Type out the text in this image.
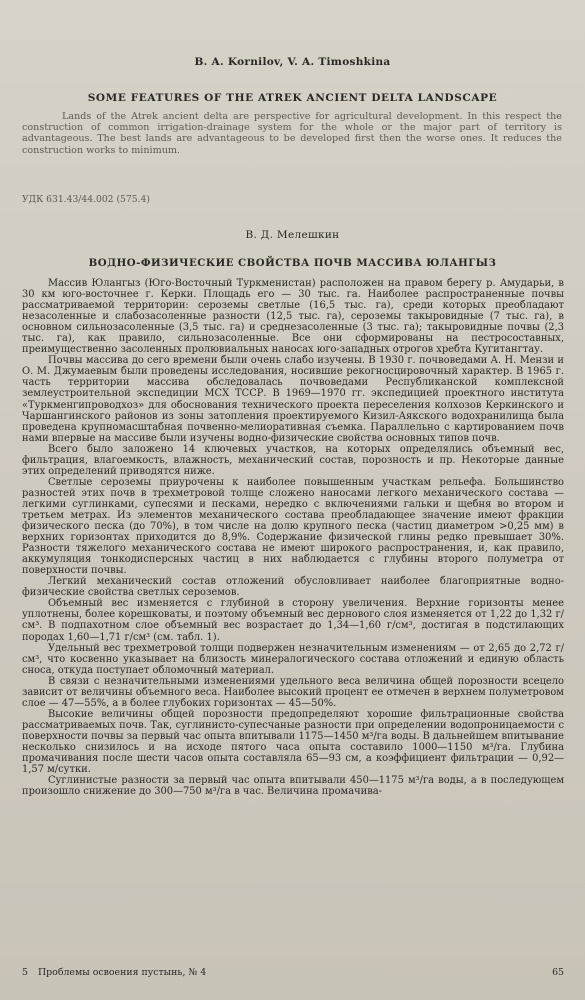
B. A. Kornilov, V. A. Timoshkina
SOME FEATURES OF THE ATREK ANCIENT DELTA LANDSCAPE
Lands of the Atrek ancient delta are perspective for agricultural development. In this respect the construction of common irrigation-drainage system for the whole or the major part of territory is advantageous. The best lands are advantageous to be developed first then the worse ones. It reduces the construction works to minimum.
УДК 631.43/44.002 (575.4)
В. Д. Мелешкин
ВОДНО-ФИЗИЧЕСКИЕ СВОЙСТВА ПОЧВ МАССИВА ЮЛАНГЫЗ

Массив Юлангыз (Юго-Восточный Туркменистан) расположен на правом берегу р. Амударьи, в 30 км юго-восточнее г. Керки. Площадь его — 30 тыс. га. Наиболее распространенные почвы рассматриваемой территории: сероземы светлые (16,5 тыс. га), среди которых преобладают незасоленные и слабозасоленные разности (12,5 тыс. га), сероземы такыровидные (7 тыс. га), в основном сильнозасоленные (3,5 тыс. га) и среднезасоленные (3 тыс. га); такыровидные почвы (2,3 тыс. га), как правило, сильнозасоленные. Все они сформированы на пестросоставных, преимущественно засоленных пролювиальных наносах юго-западных отрогов хребта Кугитангтау.

Почвы массива до сего времени были очень слабо изучены. В 1930 г. почвоведами А. Н. Мензи и О. М. Джумаевым были проведены исследования, носившие рекогносцировочный характер. В 1965 г. часть территории массива обследовалась почвоведами Республиканской комплексной землеустроительной экспедиции МСХ ТССР. В 1969—1970 гг. экспедицией проектного института «Туркменгипроводхоз» для обоснования технического проекта переселения колхозов Керкинского и Чаршангинского районов из зоны затопления проектируемого Кизил-Аякского водохранилища была проведена крупномасштабная почвенно-мелиоративная съемка. Параллельно с картированием почв нами впервые на массиве были изучены водно-физические свойства основных типов почв.

Всего было заложено 14 ключевых участков, на которых определялись объемный вес, фильтрация, влагоемкость, влажность, механический состав, порозность и пр. Некоторые данные этих определений приводятся ниже.

Светлые сероземы приурочены к наиболее повышенным участкам рельефа. Большинство разностей этих почв в трехметровой толще сложено наносами легкого механического состава — легкими суглинками, супесями и песками, нередко с включениями гальки и щебня во втором и третьем метрах. Из элементов механического состава преобладающее значение имеют фракции физического песка (до 70%), в том числе на долю крупного песка (частиц диаметром >0,25 мм) в верхних горизонтах приходится до 8,9%. Содержание физической глины редко превышает 30%. Разности тяжелого механического состава не имеют широкого распространения, и, как правило, аккумуляция тонкодисперсных частиц в них наблюдается с глубины второго полуметра от поверхности почвы.

Легкий механический состав отложений обусловливает наиболее благоприятные водно-физические свойства светлых сероземов.

Объемный вес изменяется с глубиной в сторону увеличения. Верхние горизонты менее уплотнены, более корешковаты, и поэтому объемный вес дернового слоя изменяется от 1,22 до 1,32 г/см³. В подпахотном слое объемный вес возрастает до 1,34—1,60 г/см³, достигая в подстилающих породах 1,60—1,71 г/см³ (см. табл. 1).

Удельный вес трехметровой толщи подвержен незначительным изменениям — от 2,65 до 2,72 г/см³, что косвенно указывает на близость минералогического состава отложений и единую область сноса, откуда поступает обломочный материал.

В связи с незначительными изменениями удельного веса величина общей порозности всецело зависит от величины объемного веса. Наиболее высокий процент ее отмечен в верхнем полуметровом слое — 47—55%, а в более глубоких горизонтах — 45—50%.

Высокие величины общей порозности предопределяют хорошие фильтрационные свойства рассматриваемых почв. Так, суглинисто-супесчаные разности при определении водопроницаемости с поверхности почвы за первый час опыта впитывали 1175—1450 м³/га воды. В дальнейшем впитывание несколько снизилось и на исходе пятого часа опыта составило 1000—1150 м³/га. Глубина промачивания после шести часов опыта составляла 65—93 см, а коэффициент фильтрации — 0,92—1,57 м/сутки.

Суглинистые разности за первый час опыта впитывали 450—1175 м³/га воды, а в последующем произошло снижение до 300—750 м³/га в час. Величина промачива-

5 Проблемы освоения пустынь, № 4	65
